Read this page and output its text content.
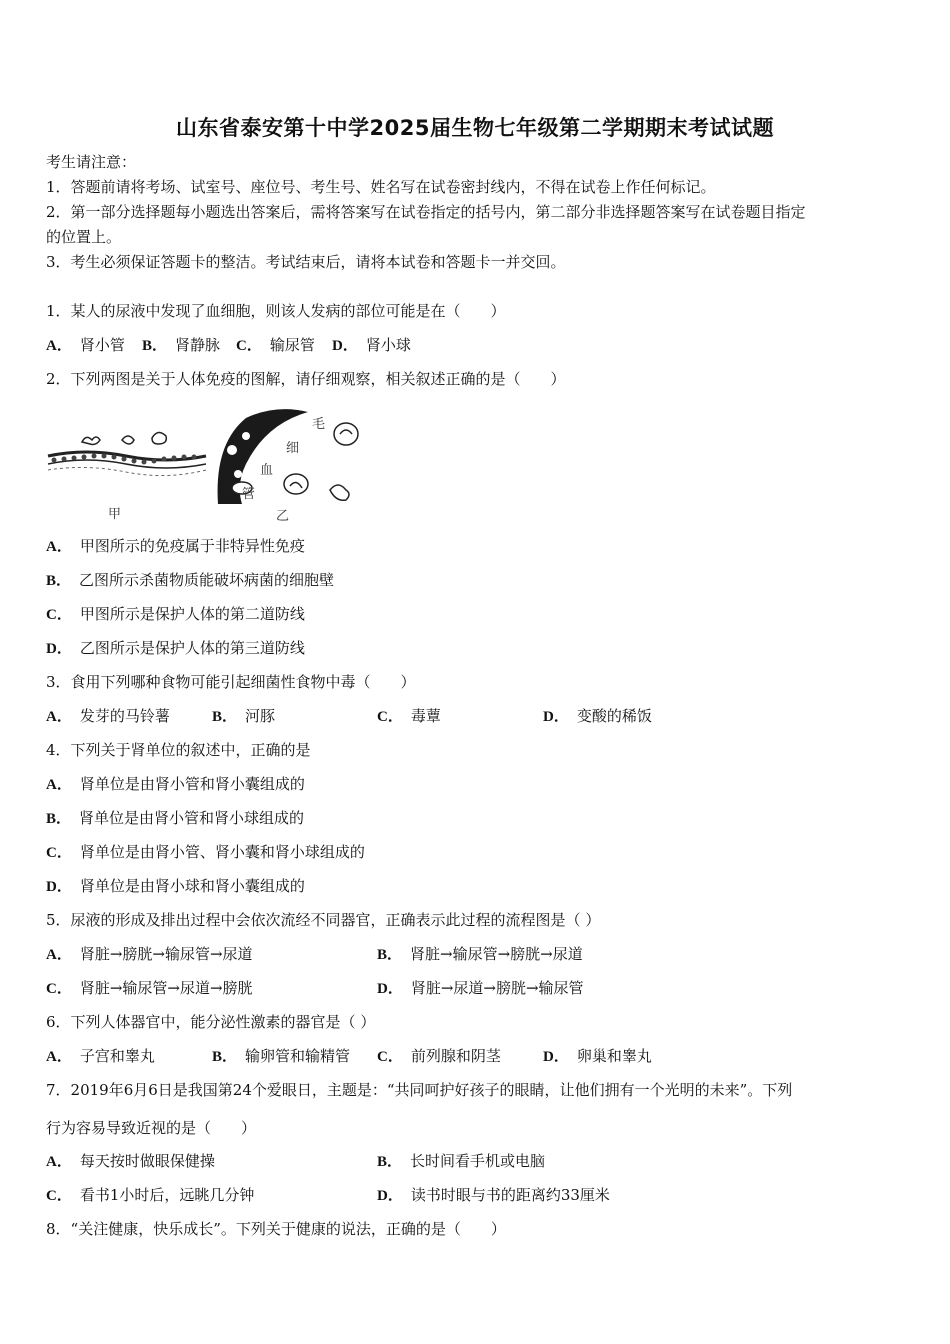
山东省泰安第十中学2025届生物七年级第二学期期末考试试题
考生请注意：
1．答题前请将考场、试室号、座位号、考生号、姓名写在试卷密封线内，不得在试卷上作任何标记。
2．第一部分选择题每小题选出答案后，需将答案写在试卷指定的括号内，第二部分非选择题答案写在试卷题目指定
的位置上。
3．考生必须保证答题卡的整洁。考试结束后，请将本试卷和答题卡一并交回。
1．某人的尿液中发现了血细胞，则该人发病的部位可能是在（　　）
A． 肾小管 B． 肾静脉 C． 输尿管 D． 肾小球
2．下列两图是关于人体免疫的图解，请仔细观察，相关叙述正确的是（　　）
毛
细
血
管
甲	乙
A． 甲图所示的免疫属于非特异性免疫
B． 乙图所示杀菌物质能破坏病菌的细胞壁
C． 甲图所示是保护人体的第二道防线
D． 乙图所示是保护人体的第三道防线
3．食用下列哪种食物可能引起细菌性食物中毒（　　）
A． 发芽的马铃薯	B． 河豚	C． 毒蕈	D． 变酸的稀饭
4．下列关于肾单位的叙述中，正确的是
A． 肾单位是由肾小管和肾小囊组成的
B． 肾单位是由肾小管和肾小球组成的
C． 肾单位是由肾小管、肾小囊和肾小球组成的
D． 肾单位是由肾小球和肾小囊组成的
5．尿液的形成及排出过程中会依次流经不同器官，正确表示此过程的流程图是（ ）
A． 肾脏→膀胱→输尿管→尿道	B． 肾脏→输尿管→膀胱→尿道
C． 肾脏→输尿管→尿道→膀胱	D． 肾脏→尿道→膀胱→输尿管
6．下列人体器官中，能分泌性激素的器官是（ ）
A． 子宫和睾丸	B． 输卵管和输精管 C． 前列腺和阴茎	D． 卵巢和睾丸
7．2019年6月6日是我国第24个爱眼日，主题是：“共同呵护好孩子的眼睛，让他们拥有一个光明的未来”。下列
行为容易导致近视的是（　　）
A． 每天按时做眼保健操	B． 长时间看手机或电脑
C． 看书1小时后，远眺几分钟	D． 读书时眼与书的距离约33厘米
8．“关注健康，快乐成长”。下列关于健康的说法，正确的是（　　）
